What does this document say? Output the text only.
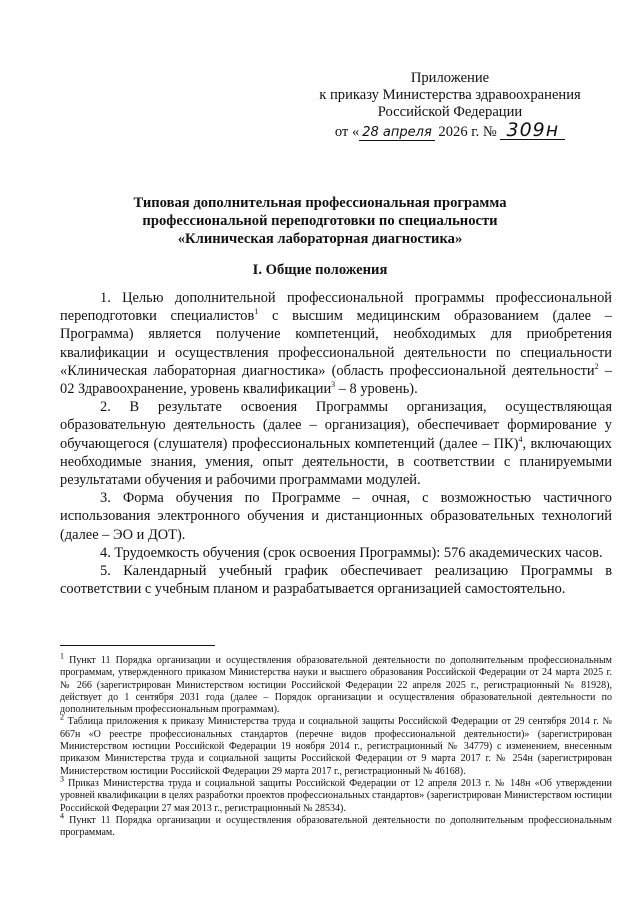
Приложение
к приказу Министерства здравоохранения
Российской Федерации
от « 28 апреля 2026 г. № 309н
Типовая дополнительная профессиональная программа
профессиональной переподготовки по специальности
«Клиническая лабораторная диагностика»
I. Общие положения

1. Целью дополнительной профессиональной программы профессиональной переподготовки специалистов$^1$ с высшим медицинским образованием (далее – Программа) является получение компетенций, необходимых для приобретения квалификации и осуществления профессиональной деятельности по специальности «Клиническая лабораторная диагностика» (область профессиональной деятельности$^2$ – 02 Здравоохранение, уровень квалификации$^3$ – 8 уровень).

2. В результате освоения Программы организация, осуществляющая образовательную деятельность (далее – организация), обеспечивает формирование у обучающегося (слушателя) профессиональных компетенций (далее – ПК)$^4$, включающих необходимые знания, умения, опыт деятельности, в соответствии с планируемыми результатами обучения и рабочими программами модулей.

3. Форма обучения по Программе – очная, с возможностью частичного использования электронного обучения и дистанционных образовательных технологий (далее – ЭО и ДОТ).

4. Трудоемкость обучения (срок освоения Программы): 576 академических часов.

5. Календарный учебный график обеспечивает реализацию Программы в соответствии с учебным планом и разрабатывается организацией самостоятельно.

$^1$ Пункт 11 Порядка организации и осуществления образовательной деятельности по дополнительным профессиональным программам, утвержденного приказом Министерства науки и высшего образования Российской Федерации от 24 марта 2025 г. № 266 (зарегистрирован Министерством юстиции Российской Федерации 22 апреля 2025 г., регистрационный № 81928), действует до 1 сентября 2031 года (далее – Порядок организации и осуществления образовательной деятельности по дополнительным профессиональным программам).

$^2$ Таблица приложения к приказу Министерства труда и социальной защиты Российской Федерации от 29 сентября 2014 г. № 667н «О реестре профессиональных стандартов (перечне видов профессиональной деятельности)» (зарегистрирован Министерством юстиции Российской Федерации 19 ноября 2014 г., регистрационный № 34779) с изменением, внесенным приказом Министерства труда и социальной защиты Российской Федерации от 9 марта 2017 г. № 254н (зарегистрирован Министерством юстиции Российской Федерации 29 марта 2017 г., регистрационный № 46168).

$^3$ Приказ Министерства труда и социальной защиты Российской Федерации от 12 апреля 2013 г. № 148н «Об утверждении уровней квалификации в целях разработки проектов профессиональных стандартов» (зарегистрирован Министерством юстиции Российской Федерации 27 мая 2013 г., регистрационный № 28534).

$^4$ Пункт 11 Порядка организации и осуществления образовательной деятельности по дополнительным профессиональным программам.
